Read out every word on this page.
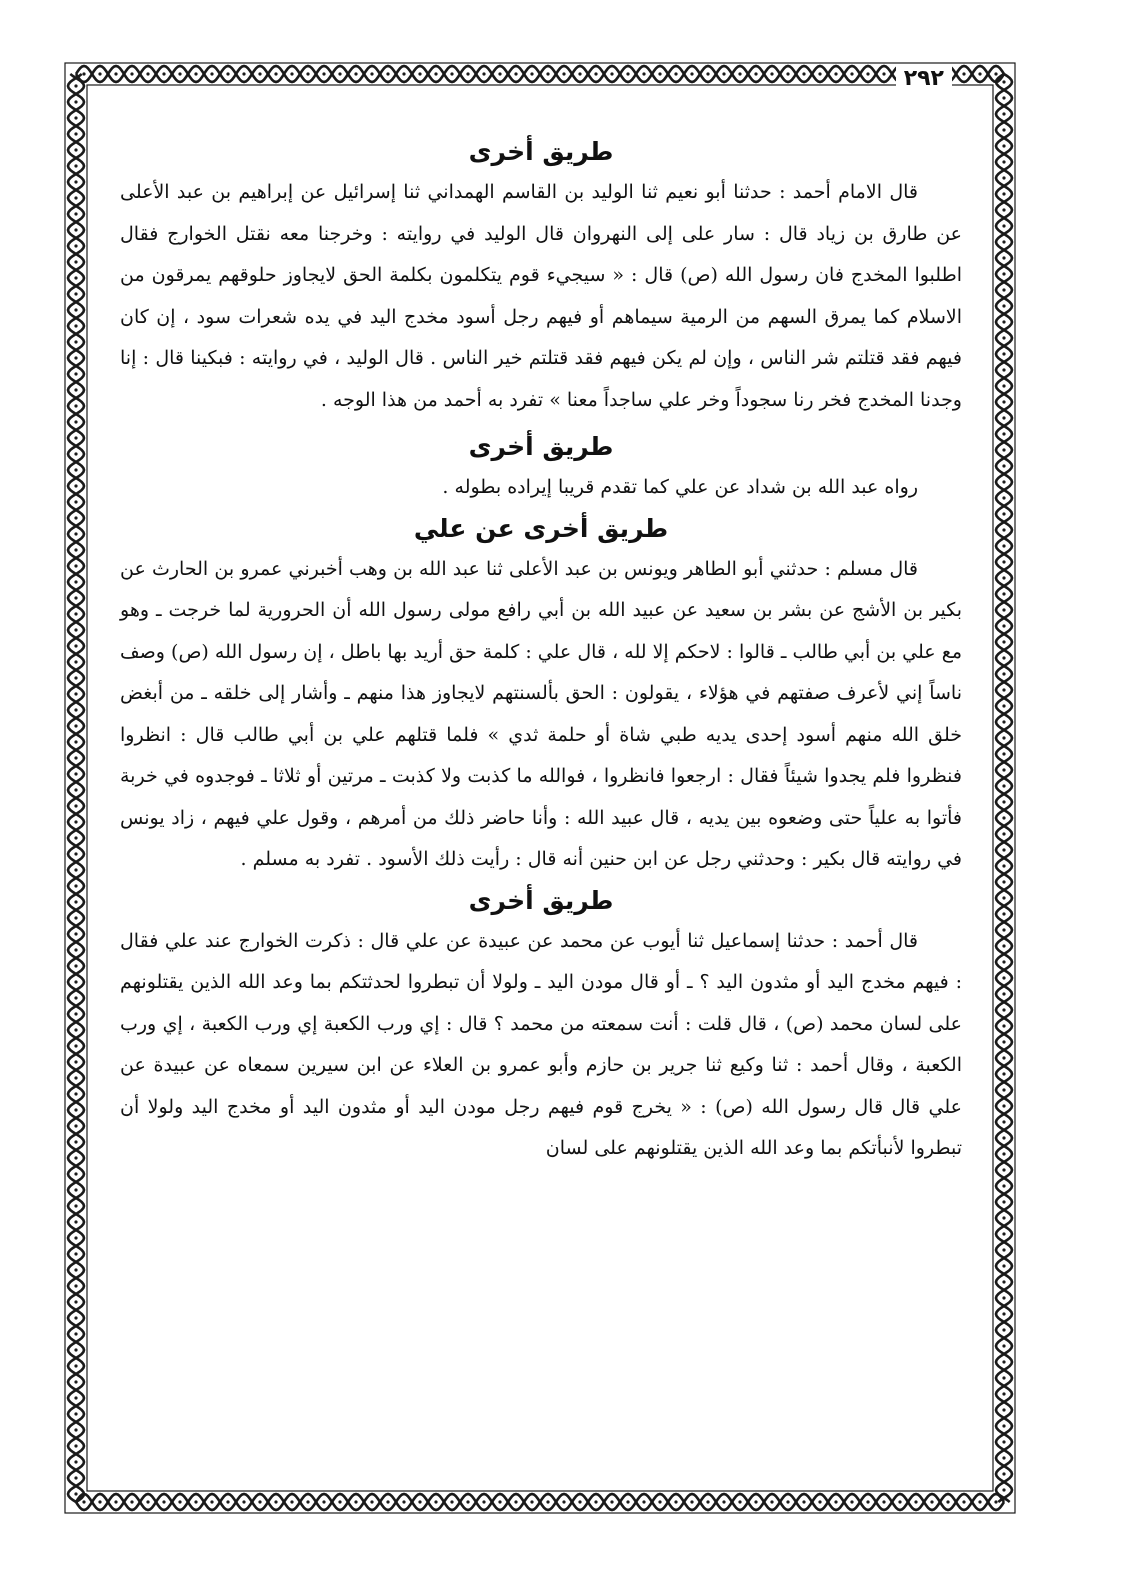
٢٩٢
طريق أخرى

قال الامام أحمد : حدثنا أبو نعيم ثنا الوليد بن القاسم الهمداني ثنا إسرائيل عن إبراهيم بن عبد الأعلى عن طارق بن زياد قال : سار على إلى النهروان قال الوليد في روايته : وخرجنا معه نقتل الخوارج فقال اطلبوا المخدج فان رسول الله (ص) قال : « سيجيء قوم يتكلمون بكلمة الحق لايجاوز حلوقهم يمرقون من الاسلام كما يمرق السهم من الرمية سيماهم أو فيهم رجل أسود مخدج اليد في يده شعرات سود ، إن كان فيهم فقد قتلتم شر الناس ، وإن لم يكن فيهم فقد قتلتم خير الناس . قال الوليد ، في روايته : فبكينا قال : إنا وجدنا المخدج فخر رنا سجوداً وخر علي ساجداً معنا » تفرد به أحمد من هذا الوجه .

طريق أخرى

رواه عبد الله بن شداد عن علي كما تقدم قريبا إيراده بطوله .

طريق أخرى عن علي

قال مسلم : حدثني أبو الطاهر ويونس بن عبد الأعلى ثنا عبد الله بن وهب أخبرني عمرو بن الحارث عن بكير بن الأشج عن بشر بن سعيد عن عبيد الله بن أبي رافع مولى رسول الله أن الحرورية لما خرجت ـ وهو مع علي بن أبي طالب ـ قالوا : لاحكم إلا لله ، قال علي : كلمة حق أريد بها باطل ، إن رسول الله (ص) وصف ناساً إني لأعرف صفتهم في هؤلاء ، يقولون : الحق بألسنتهم لايجاوز هذا منهم ـ وأشار إلى خلقه ـ من أبغض خلق الله منهم أسود إحدى يديه طبي شاة أو حلمة ثدي » فلما قتلهم علي بن أبي طالب قال : انظروا فنظروا فلم يجدوا شيئاً فقال : ارجعوا فانظروا ، فوالله ما كذبت ولا كذبت ـ مرتين أو ثلاثا ـ فوجدوه في خربة فأتوا به علياً حتى وضعوه بين يديه ، قال عبيد الله : وأنا حاضر ذلك من أمرهم ، وقول علي فيهم ، زاد يونس في روايته قال بكير : وحدثني رجل عن ابن حنين أنه قال : رأيت ذلك الأسود . تفرد به مسلم .

طريق أخرى

قال أحمد : حدثنا إسماعيل ثنا أيوب عن محمد عن عبيدة عن علي قال : ذكرت الخوارج عند علي فقال : فيهم مخدج اليد أو مثدون اليد ؟ ـ أو قال مودن اليد ـ ولولا أن تبطروا لحدثتكم بما وعد الله الذين يقتلونهم على لسان محمد (ص) ، قال قلت : أنت سمعته من محمد ؟ قال : إي ورب الكعبة إي ورب الكعبة ، إي ورب الكعبة ، وقال أحمد : ثنا وكيع ثنا جرير بن حازم وأبو عمرو بن العلاء عن ابن سيرين سمعاه عن عبيدة عن علي قال قال رسول الله (ص) : « يخرج قوم فيهم رجل مودن اليد أو مثدون اليد أو مخدج اليد ولولا أن تبطروا لأنبأتكم بما وعد الله الذين يقتلونهم على لسان
